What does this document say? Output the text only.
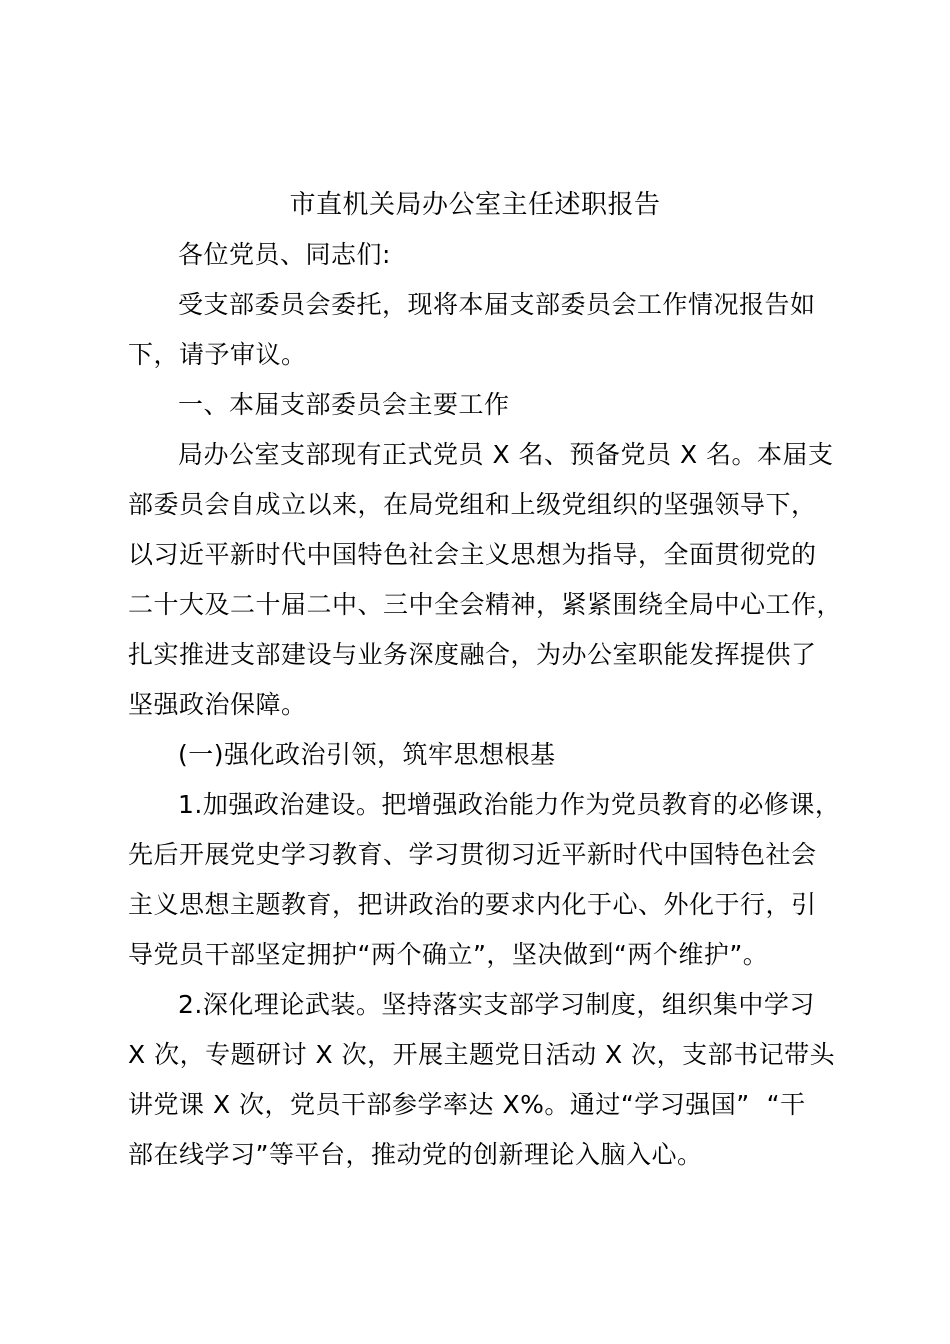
市直机关局办公室主任述职报告
各位党员、同志们:
受支部委员会委托，现将本届支部委员会工作情况报告如
下，请予审议。
一、本届支部委员会主要工作
局办公室支部现有正式党员 X 名、预备党员 X 名。本届支
部委员会自成立以来，在局党组和上级党组织的坚强领导下，
以习近平新时代中国特色社会主义思想为指导，全面贯彻党的
二十大及二十届二中、三中全会精神，紧紧围绕全局中心工作，
扎实推进支部建设与业务深度融合，为办公室职能发挥提供了
坚强政治保障。
(一)强化政治引领，筑牢思想根基
1.加强政治建设。把增强政治能力作为党员教育的必修课，
先后开展党史学习教育、学习贯彻习近平新时代中国特色社会
主义思想主题教育，把讲政治的要求内化于心、外化于行，引
导党员干部坚定拥护“两个确立”，坚决做到“两个维护”。
2.深化理论武装。坚持落实支部学习制度，组织集中学习
X 次，专题研讨 X 次，开展主题党日活动 X 次，支部书记带头
讲党课 X 次，党员干部参学率达 X%。通过“学习强国”  “干
部在线学习”等平台，推动党的创新理论入脑入心。
